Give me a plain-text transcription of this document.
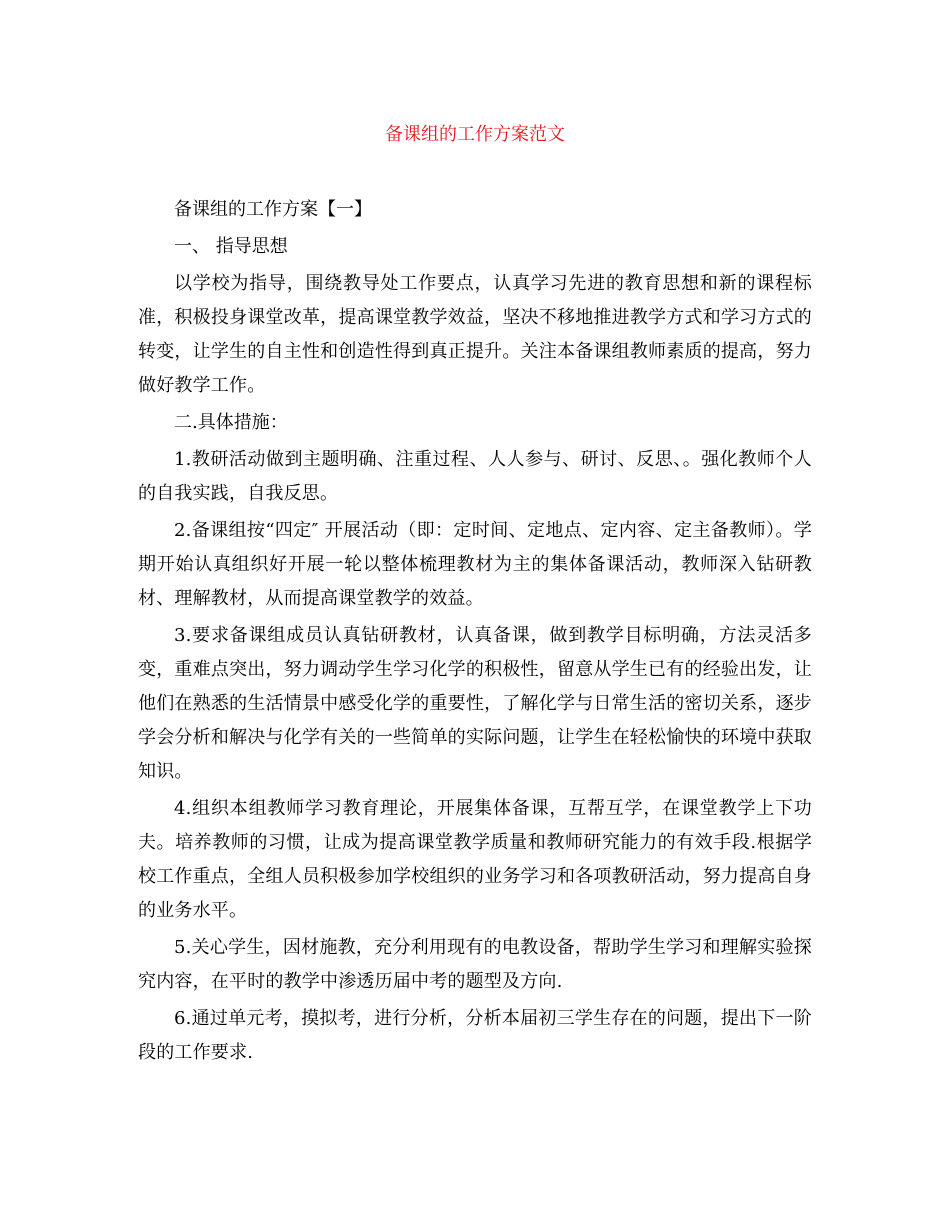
备课组的工作方案范文

备课组的工作方案【一】

一、 指导思想

以学校为指导，围绕教导处工作要点，认真学习先进的教育思想和新的课程标准，积极投身课堂改革，提高课堂教学效益，坚决不移地推进教学方式和学习方式的转变，让学生的自主性和创造性得到真正提升。关注本备课组教师素质的提高，努力做好教学工作。

二.具体措施：

1.教研活动做到主题明确、注重过程、人人参与、研讨、反思、。强化教师个人的自我实践，自我反思。

2.备课组按“四定″ 开展活动（即：定时间、定地点、定内容、定主备教师）。学期开始认真组织好开展一轮以整体梳理教材为主的集体备课活动，教师深入钻研教材、理解教材，从而提高课堂教学的效益。

3.要求备课组成员认真钻研教材，认真备课，做到教学目标明确，方法灵活多变，重难点突出，努力调动学生学习化学的积极性，留意从学生已有的经验出发，让他们在熟悉的生活情景中感受化学的重要性，了解化学与日常生活的密切关系，逐步学会分析和解决与化学有关的一些简单的实际问题，让学生在轻松愉快的环境中获取知识。

4.组织本组教师学习教育理论，开展集体备课，互帮互学，在课堂教学上下功夫。培养教师的习惯，让成为提高课堂教学质量和教师研究能力的有效手段.根据学校工作重点，全组人员积极参加学校组织的业务学习和各项教研活动，努力提高自身的业务水平。

5.关心学生，因材施教，充分利用现有的电教设备，帮助学生学习和理解实验探究内容，在平时的教学中渗透历届中考的题型及方向.

6.通过单元考，摸拟考，进行分析，分析本届初三学生存在的问题，提出下一阶段的工作要求.
